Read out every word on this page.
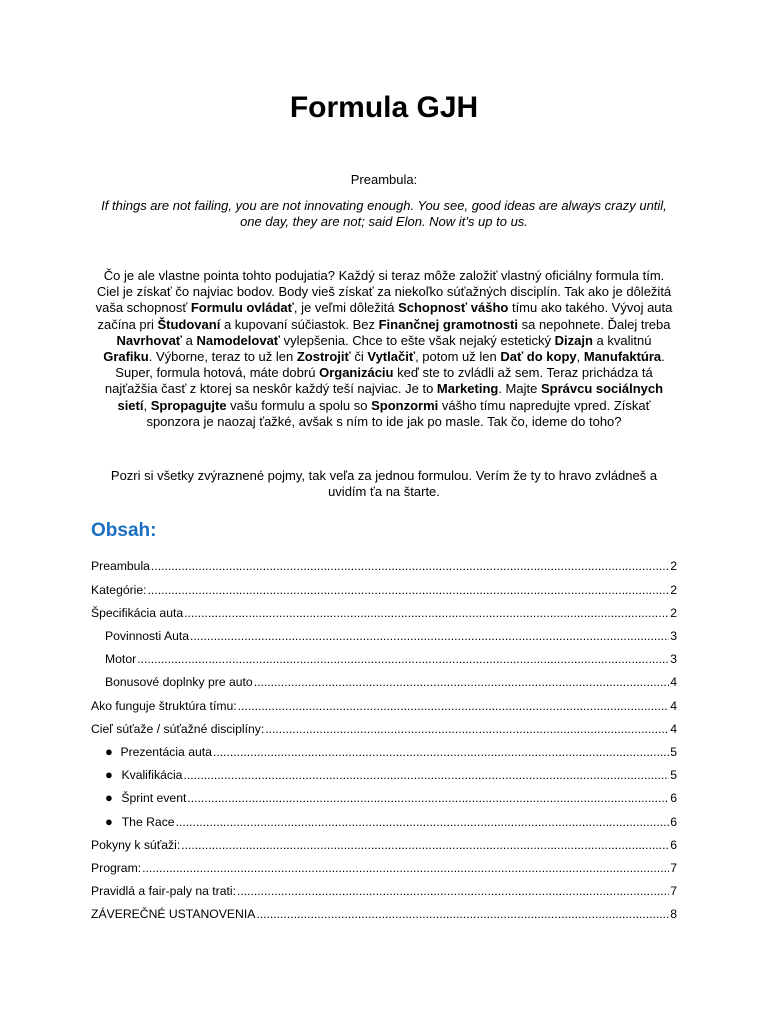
Formula GJH
Preambula:
If things are not failing, you are not innovating enough. You see, good ideas are always crazy until, one day, they are not; said Elon. Now it’s up to us.
Čo je ale vlastne pointa tohto podujatia? Každý si teraz môže založiť vlastný oficiálny formula tím. Ciel je získať čo najviac bodov. Body vieš získať za niekoľko súťažných disciplín. Tak ako je dôležitá vaša schopnosť Formulu ovládať, je veľmi dôležitá Schopnosť vášho tímu ako takého. Vývoj auta začína pri Študovaní a kupovaní súčiastok. Bez Finančnej gramotnosti sa nepohnete. Ďalej treba Navrhovať a Namodelovať vylepšenia. Chce to ešte však nejaký estetický Dizajn a kvalitnú Grafiku. Výborne, teraz to už len Zostrojiť či Vytlačiť, potom už len Dať do kopy, Manufaktúra. Super, formula hotová, máte dobrú Organizáciu keď ste to zvládli až sem. Teraz prichádza tá najťažšia časť z ktorej sa neskôr každý teší najviac. Je to Marketing. Majte Správcu sociálnych sietí, Spropagujte vašu formulu a spolu so Sponzormi vášho tímu napredujte vpred. Získať sponzora je naozaj ťažké, avšak s ním to ide jak po masle. Tak čo, ideme do toho?
Pozri si všetky zvýraznené pojmy, tak veľa za jednou formulou. Verím že ty to hravo zvládneš a uvidím ťa na štarte.
Obsah:
Preambula .....	2
Kategórie: .....	2
Špecifikácia auta .....	2
Povinnosti Auta .....	3
Motor .....	3
Bonusové doplnky pre auto .....	4
Ako funguje štruktúra tímu: .....	4
Cieľ súťaže / súťažné disciplíny: .....	4
● Prezentácia auta .....	5
● Kvalifikácia .....	5
● Šprint event .....	6
● The Race .....	6
Pokyny k súťaži: .....	6
Program: .....	7
Pravidlá a fair-paly na trati: .....	7
ZÁVEREČNÉ USTANOVENIA .....	8
